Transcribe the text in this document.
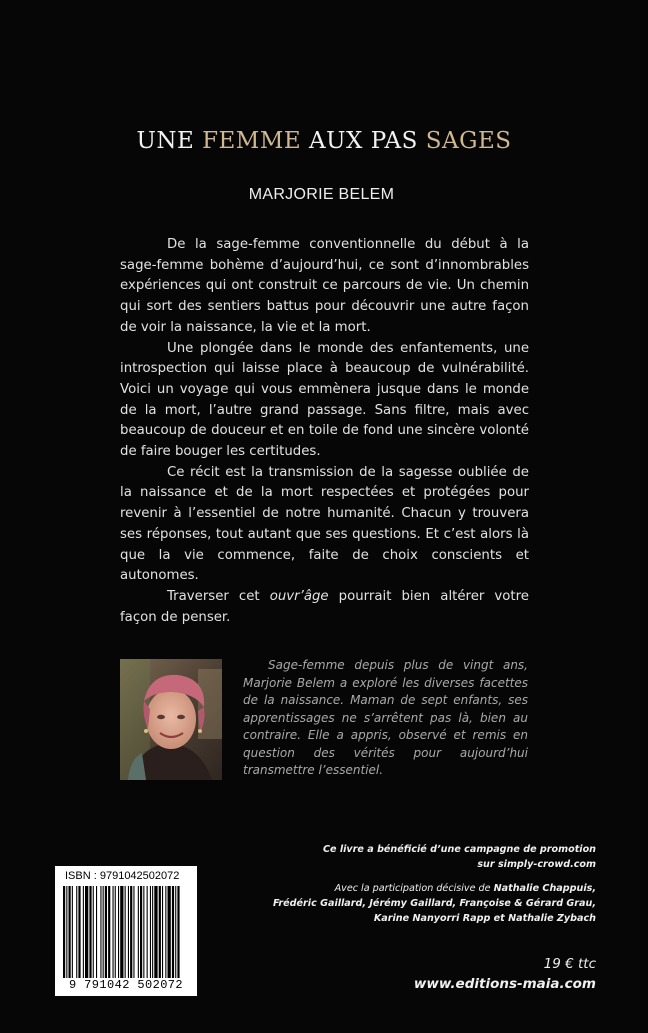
UNE FEMME AUX PAS SAGES
MARJORIE BELEM

De la sage-femme conventionnelle du début à la sage-femme bohème d’aujourd’hui, ce sont d’innombrables expériences qui ont construit ce parcours de vie. Un chemin qui sort des sentiers battus pour découvrir une autre façon de voir la naissance, la vie et la mort.

Une plongée dans le monde des enfantements, une introspection qui laisse place à beaucoup de vulnérabilité. Voici un voyage qui vous emmènera jusque dans le monde de la mort, l’autre grand passage. Sans filtre, mais avec beaucoup de douceur et en toile de fond une sincère volonté de faire bouger les certitudes.

Ce récit est la transmission de la sagesse oubliée de la naissance et de la mort respectées et protégées pour revenir à l’essentiel de notre humanité. Chacun y trouvera ses réponses, tout autant que ses questions. Et c’est alors là que la vie commence, faite de choix conscients et autonomes.

Traverser cet ouvr’âge pourrait bien altérer votre façon de penser.

Sage-femme depuis plus de vingt ans, Marjorie Belem a exploré les diverses facettes de la naissance. Maman de sept enfants, ses apprentissages ne s’arrêtent pas là, bien au contraire. Elle a appris, observé et remis en question des vérités pour aujourd’hui transmettre l’essentiel.
ISBN : 9791042502072
9 791042 502072
Ce livre a bénéficié d’une campagne de promotion
sur simply-crowd.com
Avec la participation décisive de Nathalie Chappuis,
Frédéric Gaillard, Jérémy Gaillard, Françoise & Gérard Grau,
Karine Nanyorri Rapp et Nathalie Zybach
19 € ttc
www.editions-maia.com
